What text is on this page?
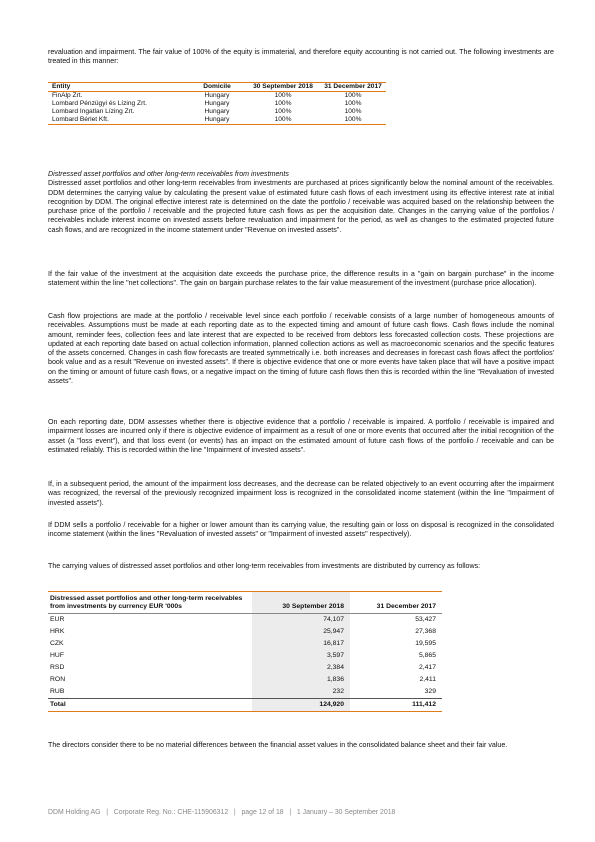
revaluation and impairment. The fair value of 100% of the equity is immaterial, and therefore equity accounting is not carried out. The following investments are treated in this manner:

Entity	Domicile	30 September 2018	31 December 2017
FinAlp Zrt.	Hungary	100%	100%
Lombard Pénzügyi és Lízing Zrt.	Hungary	100%	100%
Lombard Ingatlan Lízing Zrt.	Hungary	100%	100%
Lombard Bérlet Kft.	Hungary	100%	100%

Distressed asset portfolios and other long-term receivables from investments

Distressed asset portfolios and other long-term receivables from investments are purchased at prices significantly below the nominal amount of the receivables. DDM determines the carrying value by calculating the present value of estimated future cash flows of each investment using its effective interest rate at initial recognition by DDM. The original effective interest rate is determined on the date the portfolio / receivable was acquired based on the relationship between the purchase price of the portfolio / receivable and the projected future cash flows as per the acquisition date. Changes in the carrying value of the portfolios / receivables include interest income on invested assets before revaluation and impairment for the period, as well as changes to the estimated projected future cash flows, and are recognized in the income statement under "Revenue on invested assets".

If the fair value of the investment at the acquisition date exceeds the purchase price, the difference results in a "gain on bargain purchase" in the income statement within the line "net collections". The gain on bargain purchase relates to the fair value measurement of the investment (purchase price allocation).

Cash flow projections are made at the portfolio / receivable level since each portfolio / receivable consists of a large number of homogeneous amounts of receivables. Assumptions must be made at each reporting date as to the expected timing and amount of future cash flows. Cash flows include the nominal amount, reminder fees, collection fees and late interest that are expected to be received from debtors less forecasted collection costs. These projections are updated at each reporting date based on actual collection information, planned collection actions as well as macroeconomic scenarios and the specific features of the assets concerned. Changes in cash flow forecasts are treated symmetrically i.e. both increases and decreases in forecast cash flows affect the portfolios' book value and as a result "Revenue on invested assets". If there is objective evidence that one or more events have taken place that will have a positive impact on the timing or amount of future cash flows, or a negative impact on the timing of future cash flows then this is recorded within the line "Revaluation of invested assets".

On each reporting date, DDM assesses whether there is objective evidence that a portfolio / receivable is impaired. A portfolio / receivable is impaired and impairment losses are incurred only if there is objective evidence of impairment as a result of one or more events that occurred after the initial recognition of the asset (a "loss event"), and that loss event (or events) has an impact on the estimated amount of future cash flows of the portfolio / receivable and can be estimated reliably. This is recorded within the line "Impairment of invested assets".

If, in a subsequent period, the amount of the impairment loss decreases, and the decrease can be related objectively to an event occurring after the impairment was recognized, the reversal of the previously recognized impairment loss is recognized in the consolidated income statement (within the line "Impairment of invested assets").

If DDM sells a portfolio / receivable for a higher or lower amount than its carrying value, the resulting gain or loss on disposal is recognized in the consolidated income statement (within the lines "Revaluation of invested assets" or "Impairment of invested assets" respectively).

The carrying values of distressed asset portfolios and other long-term receivables from investments are distributed by currency as follows:

Distressed asset portfolios and other long-term receivables from investments by currency EUR '000s	30 September 2018	31 December 2017
EUR	74,107	53,427
HRK	25,947	27,368
CZK	16,817	19,595
HUF	3,597	5,865
RSD	2,384	2,417
RON	1,836	2,411
RUB	232	329
Total	124,920	111,412

The directors consider there to be no material differences between the financial asset values in the consolidated balance sheet and their fair value.

DDM Holding AG | Corporate Reg. No.: CHE-115906312 | page 12 of 18 | 1 January – 30 September 2018
